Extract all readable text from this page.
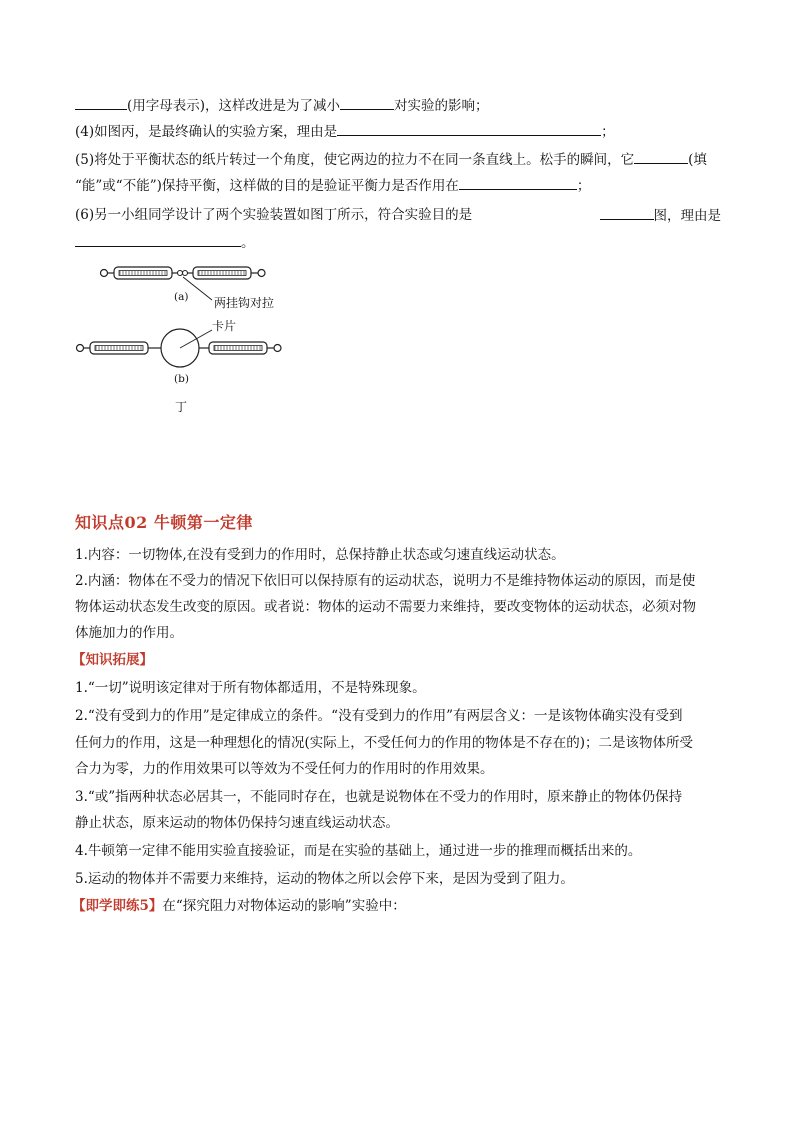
(用字母表示)，这样改进是为了减小	对实验的影响；
(4)如图丙，是最终确认的实验方案，理由是	；
(5)将处于平衡状态的纸片转过一个角度，使它两边的拉力不在同一条直线上。松手的瞬间，它	(填
“能”或“不能”)保持平衡，这样做的目的是验证平衡力是否作用在	；
(6)另一小组同学设计了两个实验装置如图丁所示，符合实验目的是	图，理由是
。
(a) 两挂钩对拉
卡片
(b)
丁
知识点02 牛顿第一定律
1.内容：一切物体,在没有受到力的作用时，总保持静止状态或匀速直线运动状态。
2.内涵：物体在不受力的情况下依旧可以保持原有的运动状态，说明力不是维持物体运动的原因，而是使
物体运动状态发生改变的原因。或者说：物体的运动不需要力来维持，要改变物体的运动状态，必须对物
体施加力的作用。
【知识拓展】
1.“一切”说明该定律对于所有物体都适用，不是特殊现象。
2.“没有受到力的作用”是定律成立的条件。“没有受到力的作用”有两层含义：一是该物体确实没有受到
任何力的作用，这是一种理想化的情况(实际上，不受任何力的作用的物体是不存在的)；二是该物体所受
合力为零，力的作用效果可以等效为不受任何力的作用时的作用效果。
3.“或”指两种状态必居其一，不能同时存在，也就是说物体在不受力的作用时，原来静止的物体仍保持
静止状态，原来运动的物体仍保持匀速直线运动状态。
4.牛顿第一定律不能用实验直接验证，而是在实验的基础上，通过进一步的推理而概括出来的。
5.运动的物体并不需要力来维持，运动的物体之所以会停下来，是因为受到了阻力。
【即学即练5】在“探究阻力对物体运动的影响”实验中：
